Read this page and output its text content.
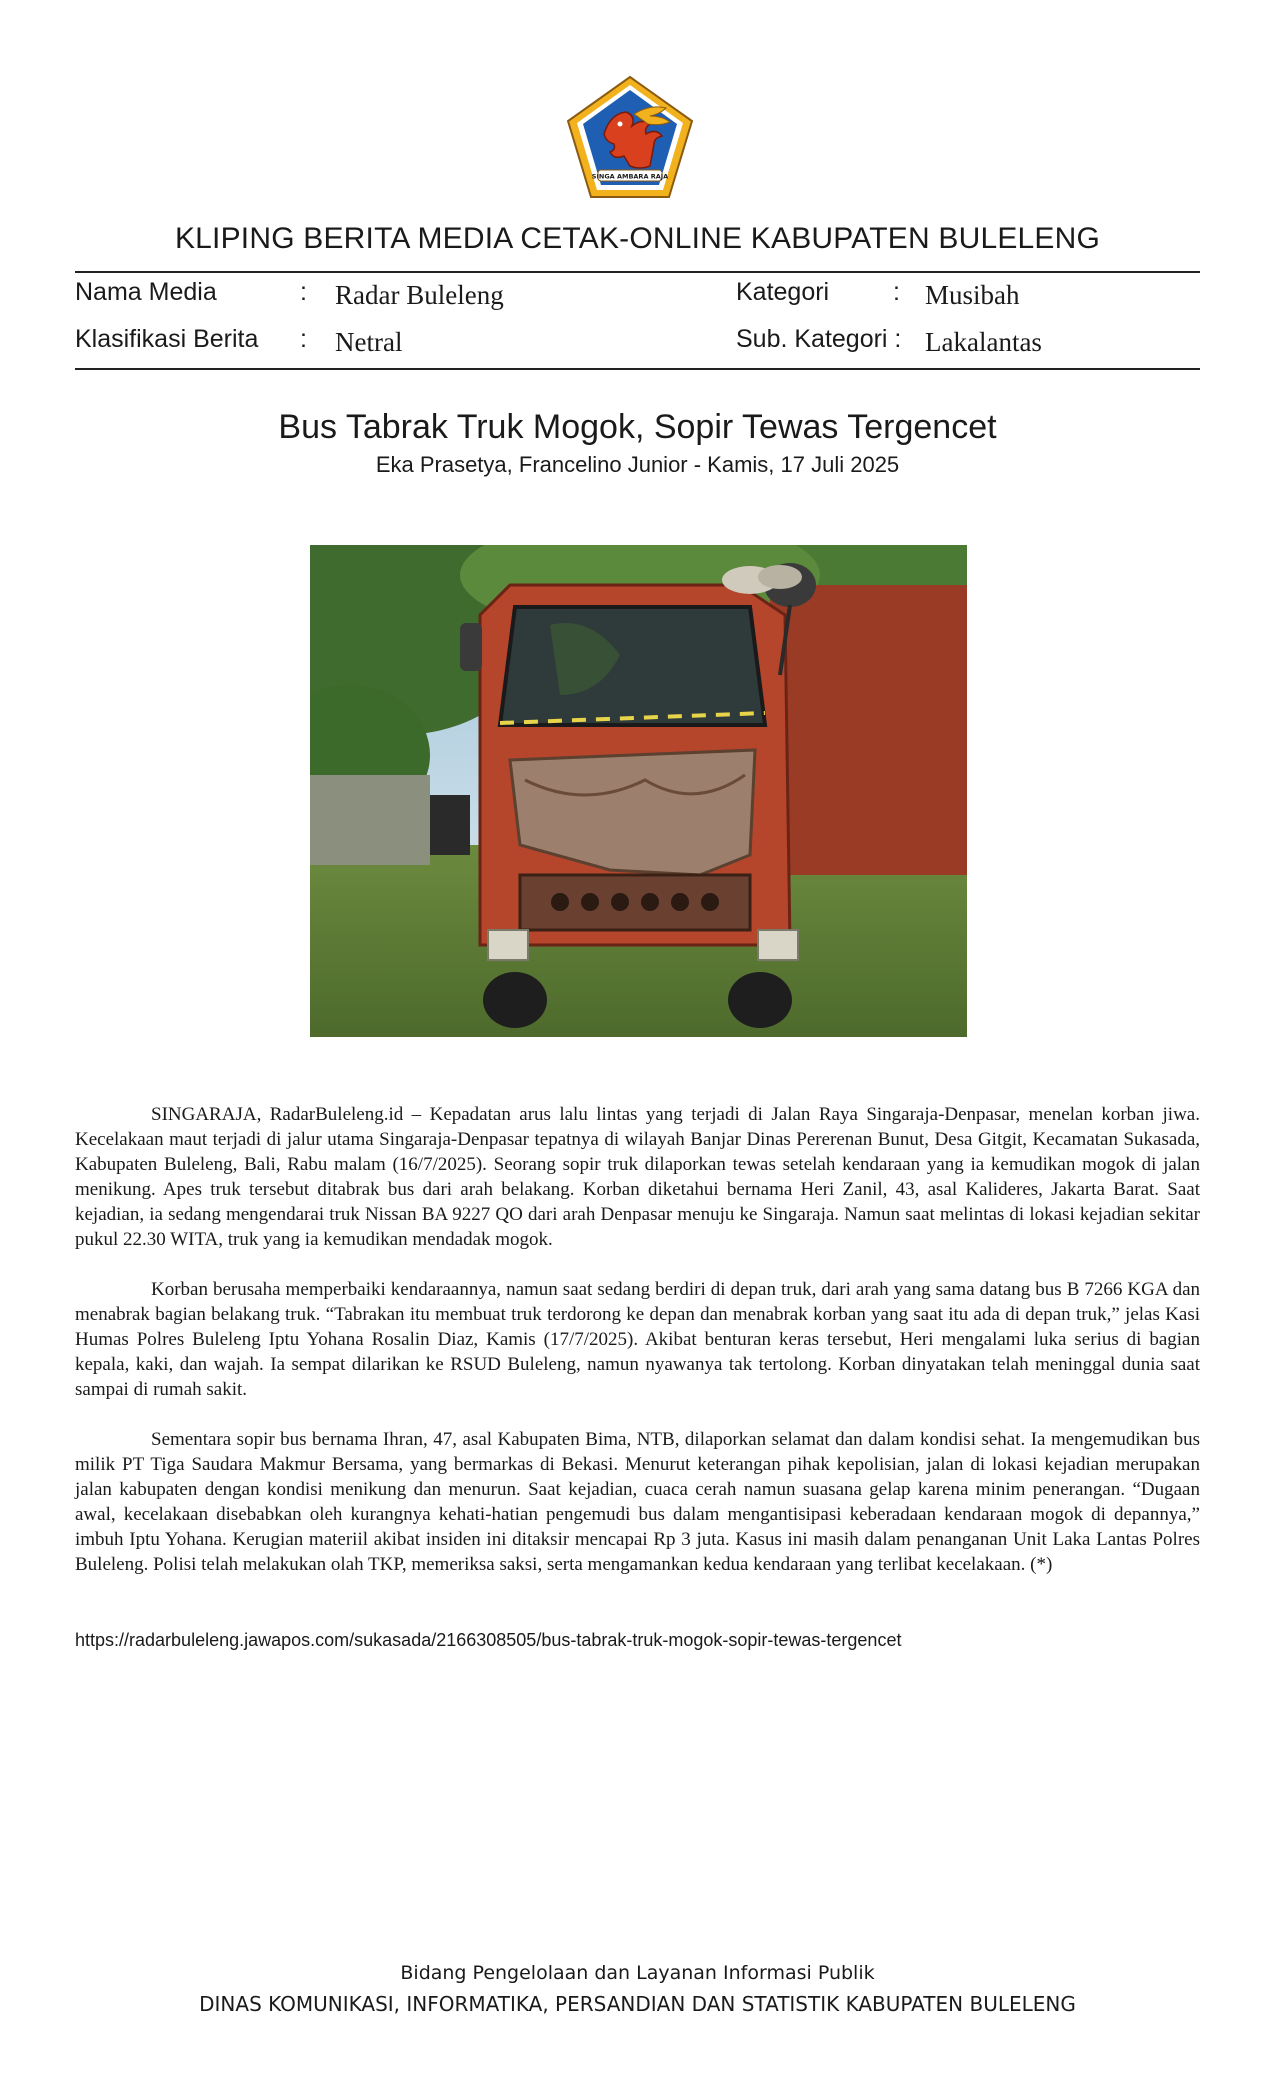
SINGA AMBARA RAJA
KLIPING BERITA MEDIA CETAK-ONLINE KABUPATEN BULELENG
Nama Media	: Radar Buleleng	Kategori	: Musibah
Klasifikasi Berita : Netral	Sub. Kategori : Lakalantas
Bus Tabrak Truk Mogok, Sopir Tewas Tergencet
Eka Prasetya, Francelino Junior - Kamis, 17 Juli 2025

SINGARAJA, RadarBuleleng.id – Kepadatan arus lalu lintas yang terjadi di Jalan Raya Singaraja-Denpasar, menelan korban jiwa. Kecelakaan maut terjadi di jalur utama Singaraja-Denpasar tepatnya di wilayah Banjar Dinas Pererenan Bunut, Desa Gitgit, Kecamatan Sukasada, Kabupaten Buleleng, Bali, Rabu malam (16/7/2025). Seorang sopir truk dilaporkan tewas setelah kendaraan yang ia kemudikan mogok di jalan menikung. Apes truk tersebut ditabrak bus dari arah belakang. Korban diketahui bernama Heri Zanil, 43, asal Kalideres, Jakarta Barat. Saat kejadian, ia sedang mengendarai truk Nissan BA 9227 QO dari arah Denpasar menuju ke Singaraja. Namun saat melintas di lokasi kejadian sekitar pukul 22.30 WITA, truk yang ia kemudikan mendadak mogok.

Korban berusaha memperbaiki kendaraannya, namun saat sedang berdiri di depan truk, dari arah yang sama datang bus B 7266 KGA dan menabrak bagian belakang truk. “Tabrakan itu membuat truk terdorong ke depan dan menabrak korban yang saat itu ada di depan truk,” jelas Kasi Humas Polres Buleleng Iptu Yohana Rosalin Diaz, Kamis (17/7/2025). Akibat benturan keras tersebut, Heri mengalami luka serius di bagian kepala, kaki, dan wajah. Ia sempat dilarikan ke RSUD Buleleng, namun nyawanya tak tertolong. Korban dinyatakan telah meninggal dunia saat sampai di rumah sakit.

Sementara sopir bus bernama Ihran, 47, asal Kabupaten Bima, NTB, dilaporkan selamat dan dalam kondisi sehat. Ia mengemudikan bus milik PT Tiga Saudara Makmur Bersama, yang bermarkas di Bekasi. Menurut keterangan pihak kepolisian, jalan di lokasi kejadian merupakan jalan kabupaten dengan kondisi menikung dan menurun. Saat kejadian, cuaca cerah namun suasana gelap karena minim penerangan. “Dugaan awal, kecelakaan disebabkan oleh kurangnya kehati-hatian pengemudi bus dalam mengantisipasi keberadaan kendaraan mogok di depannya,” imbuh Iptu Yohana. Kerugian materiil akibat insiden ini ditaksir mencapai Rp 3 juta. Kasus ini masih dalam penanganan Unit Laka Lantas Polres Buleleng. Polisi telah melakukan olah TKP, memeriksa saksi, serta mengamankan kedua kendaraan yang terlibat kecelakaan. (*)

https://radarbuleleng.jawapos.com/sukasada/2166308505/bus-tabrak-truk-mogok-sopir-tewas-tergencet
Bidang Pengelolaan dan Layanan Informasi Publik
DINAS KOMUNIKASI, INFORMATIKA, PERSANDIAN DAN STATISTIK KABUPATEN BULELENG
